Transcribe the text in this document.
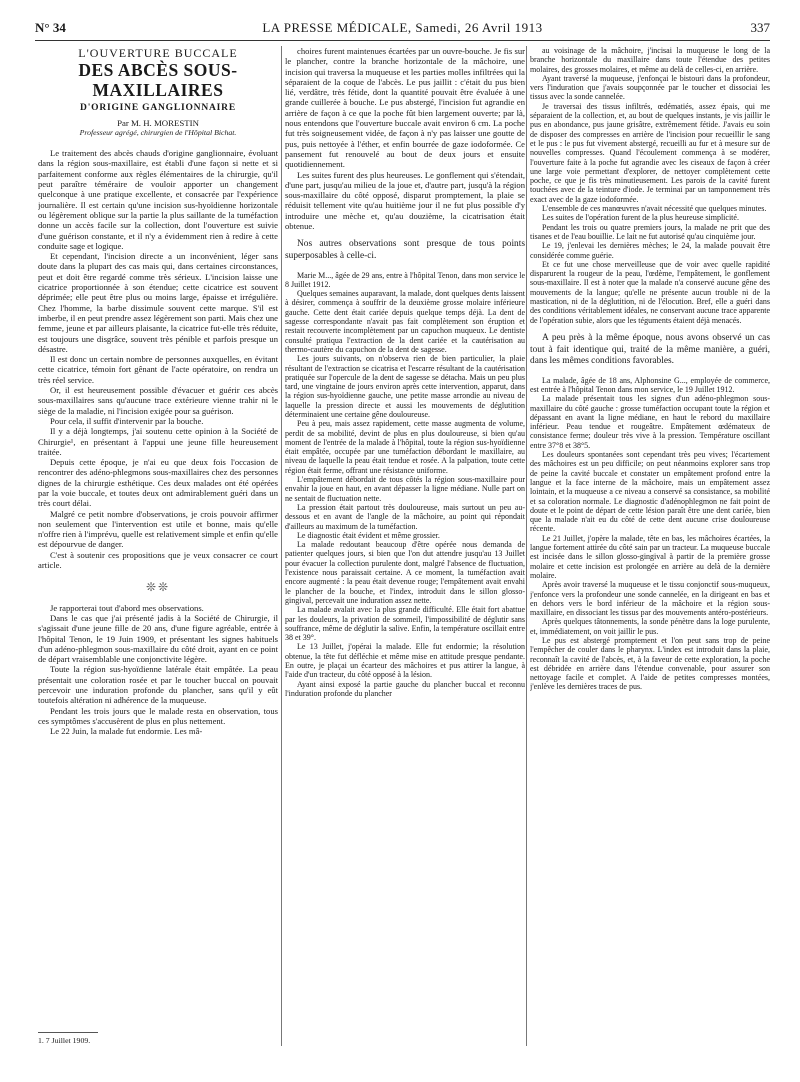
N° 34	LA PRESSE MÉDICALE, Samedi, 26 Avril 1913	337
L'OUVERTURE BUCCALE
DES ABCÈS SOUS-MAXILLAIRES
D'ORIGINE GANGLIONNAIRE
Par M. H. MORESTIN
Professeur agrégé, chirurgien de l'Hôpital Bichat.

Le traitement des abcès chauds d'origine ganglionnaire, évoluant dans la région sous-maxillaire, est établi d'une façon si nette et si parfaitement conforme aux règles élémentaires de la chirurgie, qu'il peut paraître téméraire de vouloir apporter un changement quelconque à une pratique excellente, et consacrée par l'expérience journalière. Il est certain qu'une incision sus-hyoïdienne horizontale ou légèrement oblique sur la partie la plus saillante de la tuméfaction donne un accès facile sur la collection, dont l'ouverture est suivie d'une guérison constante, et il n'y a évidemment rien à redire à cette conduite sage et logique.

Et cependant, l'incision directe a un inconvénient, léger sans doute dans la plupart des cas mais qui, dans certaines circonstances, peut et doit être regardé comme très sérieux. L'incision laisse une cicatrice proportionnée à son étendue; cette cicatrice est souvent déprimée; elle peut être plus ou moins large, épaisse et irrégulière. Chez l'homme, la barbe dissimule souvent cette marque. S'il est imberbe, il en peut prendre assez légèrement son parti. Mais chez une femme, jeune et par ailleurs plaisante, la cicatrice fut-elle très réduite, est toujours une disgrâce, souvent très pénible et parfois presque un désastre.

Il est donc un certain nombre de personnes auxquelles, en évitant cette cicatrice, témoin fort gênant de l'acte opératoire, on rendra un très réel service.

Or, il est heureusement possible d'évacuer et guérir ces abcès sous-maxillaires sans qu'aucune trace extérieure vienne trahir ni le siège de la maladie, ni l'incision exigée pour sa guérison.

Pour cela, il suffit d'intervenir par la bouche.

Il y a déjà longtemps, j'ai soutenu cette opinion à la Société de Chirurgie¹, en présentant à l'appui une jeune fille heureusement traitée.

Depuis cette époque, je n'ai eu que deux fois l'occasion de rencontrer des adéno-phlegmons sous-maxillaires chez des personnes dignes de la chirurgie esthétique. Ces deux malades ont été opérées par la voie buccale, et toutes deux ont admirablement guéri dans un très court délai.

Malgré ce petit nombre d'observations, je crois pouvoir affirmer non seulement que l'intervention est utile et bonne, mais qu'elle n'offre rien à l'imprévu, quelle est relativement simple et enfin qu'elle est dépourvue de danger.

C'est à soutenir ces propositions que je veux consacrer ce court article.

❊❊

Je rapporterai tout d'abord mes observations.

Dans le cas que j'ai présenté jadis à la Société de Chirurgie, il s'agissait d'une jeune fille de 20 ans, d'une figure agréable, entrée à l'hôpital Tenon, le 19 Juin 1909, et présentant les signes habituels d'un adéno-phlegmon sous-maxillaire du côté droit, ayant en ce point de départ vraisemblable une conjonctivite légère.

Toute la région sus-hyoïdienne latérale était empâtée. La peau présentait une coloration rosée et par le toucher buccal on pouvait percevoir une induration profonde du plancher, sans qu'il y eût toutefois altération ni adhérence de la muqueuse.

Pendant les trois jours que le malade resta en observation, tous ces symptômes s'accusèrent de plus en plus nettement.

Le 22 Juin, la malade fut endormie. Les mâ-

1. 7 Juillet 1909.

choires furent maintenues écartées par un ouvre-bouche. Je fis sur le plancher, contre la branche horizontale de la mâchoire, une incision qui traversa la muqueuse et les parties molles infiltrées qui la séparaient de la coque de l'abcès. Le pus jaillit : c'était du pus bien lié, verdâtre, très fétide, dont la quantité pouvait être évaluée à une grande cuillerée à bouche. Le pus abstergé, l'incision fut agrandie en arrière de façon à ce que la poche fût bien largement ouverte; par là, nous entendons que l'ouverture buccale avait environ 6 cm. La poche fut très soigneusement vidée, de façon à n'y pas laisser une goutte de pus, puis nettoyée à l'éther, et enfin bourrée de gaze iodoformée. Ce pansement fut renouvelé au bout de deux jours et ensuite quotidiennement.

Les suites furent des plus heureuses. Le gonflement qui s'étendait, d'une part, jusqu'au milieu de la joue et, d'autre part, jusqu'à la région sous-maxillaire du côté opposé, disparut promptement, la plaie se réduisit tellement vite qu'au huitième jour il ne fut plus possible d'y introduire une mèche et, qu'au douzième, la cicatrisation était obtenue.

Nos autres observations sont presque de tous points superposables à celle-ci.

Marie M..., âgée de 29 ans, entre à l'hôpital Tenon, dans mon service le 8 Juillet 1912.

Quelques semaines auparavant, la malade, dont quelques dents laissent à désirer, commença à souffrir de la deuxième grosse molaire inférieure gauche. Cette dent était cariée depuis quelque temps déjà. La dent de sagesse correspondante n'avait pas fait complètement son éruption et restait recouverte incomplètement par un capuchon muqueux. Le dentiste consulté pratiqua l'extraction de la dent cariée et la cautérisation au thermo-cautère du capuchon de la dent de sagesse.

Les jours suivants, on n'observa rien de bien particulier, la plaie résultant de l'extraction se cicatrisa et l'escarre résultant de la cautérisation pratiquée sur l'opercule de la dent de sagesse se détacha. Mais un peu plus tard, une vingtaine de jours environ après cette intervention, apparut, dans la région sus-hyoïdienne gauche, une petite masse arrondie au niveau de laquelle la pression directe et aussi les mouvements de déglutition déterminaient une certaine gêne douloureuse.

Peu à peu, mais assez rapidement, cette masse augmenta de volume, perdit de sa mobilité, devint de plus en plus douloureuse, si bien qu'au moment de l'entrée de la malade à l'hôpital, toute la région sus-hyoïdienne était empâtée, occupée par une tuméfaction débordant le maxillaire, au niveau de laquelle la peau était tendue et rosée. A la palpation, toute cette région était ferme, offrant une résistance uniforme.

L'empâtement débordait de tous côtés la région sous-maxillaire pour envahir la joue en haut, en avant dépasser la ligne médiane. Nulle part on ne sentait de fluctuation nette.

La pression était partout très douloureuse, mais surtout un peu au-dessous et en avant de l'angle de la mâchoire, au point qui répondait d'ailleurs au maximum de la tuméfaction.

Le diagnostic était évident et même grossier.

La malade redoutant beaucoup d'être opérée nous demanda de patienter quelques jours, si bien que l'on dut attendre jusqu'au 13 Juillet pour évacuer la collection purulente dont, malgré l'absence de fluctuation, l'existence nous paraissait certaine. A ce moment, la tuméfaction avait encore augmenté : la peau était devenue rouge; l'empâtement avait envahi le plancher de la bouche, et l'index, introduit dans le sillon glosso-gingival, percevait une induration assez nette.

La malade avalait avec la plus grande difficulté. Elle était fort abattue par les douleurs, la privation de sommeil, l'impossibilité de déglutir sans souffrance, même de déglutir la salive. Enfin, la température oscillait entre 38 et 39°.

Le 13 Juillet, j'opérai la malade. Elle fut endormie; la résolution obtenue, la tête fut défléchie et même mise en attitude presque pendante. En outre, je plaçai un écarteur des mâchoires et pus attirer la langue, à l'aide d'un tracteur, du côté opposé à la lésion.

Ayant ainsi exposé la partie gauche du plancher buccal et reconnu l'induration profonde du plancher

au voisinage de la mâchoire, j'incisai la muqueuse le long de la branche horizontale du maxillaire dans toute l'étendue des petites molaires, des grosses molaires, et même au delà de celles-ci, en arrière.

Ayant traversé la muqueuse, j'enfonçai le bistouri dans la profondeur, vers l'induration que j'avais soupçonnée par le toucher et dissociai les tissus avec la sonde cannelée.

Je traversai des tissus infiltrés, œdématiés, assez épais, qui me séparaient de la collection, et, au bout de quelques instants, je vis jaillir le pus en abondance, pus jaune grisâtre, extrêmement fétide. J'avais eu soin de disposer des compresses en arrière de l'incision pour recueillir le sang et le pus : le pus fut vivement abstergé, recueilli au fur et à mesure sur de nouvelles compresses. Quand l'écoulement commença à se modérer, l'ouverture faite à la poche fut agrandie avec les ciseaux de façon à créer une large voie permettant d'explorer, de nettoyer complètement cette poche, ce que je fis très minutieusement. Les parois de la cavité furent touchées avec de la teinture d'iode. Je terminai par un tamponnement très exact avec de la gaze iodoformée.

L'ensemble de ces manœuvres n'avait nécessité que quelques minutes.

Les suites de l'opération furent de la plus heureuse simplicité.

Pendant les trois ou quatre premiers jours, la malade ne prit que des tisanes et de l'eau bouillie. Le lait ne fut autorisé qu'au cinquième jour.

Le 19, j'enlevai les dernières mèches; le 24, la malade pouvait être considérée comme guérie.

Et ce fut une chose merveilleuse que de voir avec quelle rapidité disparurent la rougeur de la peau, l'œdème, l'empâtement, le gonflement sous-maxillaire. Il est à noter que la malade n'a conservé aucune gêne des mouvements de la langue; qu'elle ne présente aucun trouble ni de la mastication, ni de la déglutition, ni de l'élocution. Bref, elle a guéri dans des conditions véritablement idéales, ne conservant aucune trace apparente de l'opération subie, alors que les téguments étaient déjà menacés.

A peu près à la même époque, nous avons observé un cas tout à fait identique qui, traité de la même manière, a guéri, dans les mêmes conditions favorables.

La malade, âgée de 18 ans, Alphonsine G..., employée de commerce, est entrée à l'hôpital Tenon dans mon service, le 19 Juillet 1912.

La malade présentait tous les signes d'un adéno-phlegmon sous-maxillaire du côté gauche : grosse tuméfaction occupant toute la région et dépassant en avant la ligne médiane, en haut le rebord du maxillaire inférieur. Peau tendue et rougeâtre. Empâtement œdémateux de consistance ferme; douleur très vive à la pression. Température oscillant entre 37°8 et 38°5.

Les douleurs spontanées sont cependant très peu vives; l'écartement des mâchoires est un peu difficile; on peut néanmoins explorer sans trop de peine la cavité buccale et constater un empâtement profond entre la langue et la face interne de la mâchoire, mais un empâtement assez lointain, et la muqueuse a ce niveau a conservé sa consistance, sa mobilité et sa coloration normale. Le diagnostic d'adénophlegmon ne fait point de doute et le point de départ de cette lésion paraît être une dent cariée, bien que la malade n'ait eu du côté de cette dent aucune crise douloureuse récente.

Le 21 Juillet, j'opère la malade, tête en bas, les mâchoires écartées, la langue fortement attirée du côté sain par un tracteur. La muqueuse buccale est incisée dans le sillon glosso-gingival à partir de la première grosse molaire et cette incision est prolongée en arrière au delà de la dernière molaire.

Après avoir traversé la muqueuse et le tissu conjonctif sous-muqueux, j'enfonce vers la profondeur une sonde cannelée, en la dirigeant en bas et en dehors vers le bord inférieur de la mâchoire et la région sous-maxillaire, en dissociant les tissus par des mouvements antéro-postérieurs.

Après quelques tâtonnements, la sonde pénètre dans la loge purulente, et, immédiatement, on voit jaillir le pus.

Le pus est abstergé promptement et l'on peut sans trop de peine l'empêcher de couler dans le pharynx. L'index est introduit dans la plaie, reconnaît la cavité de l'abcès, et, à la faveur de cette exploration, la poche est débridée en arrière dans l'étendue convenable, pour assurer son nettoyage facile et complet. A l'aide de petites compresses montées, j'enlève les dernières traces de pus.
